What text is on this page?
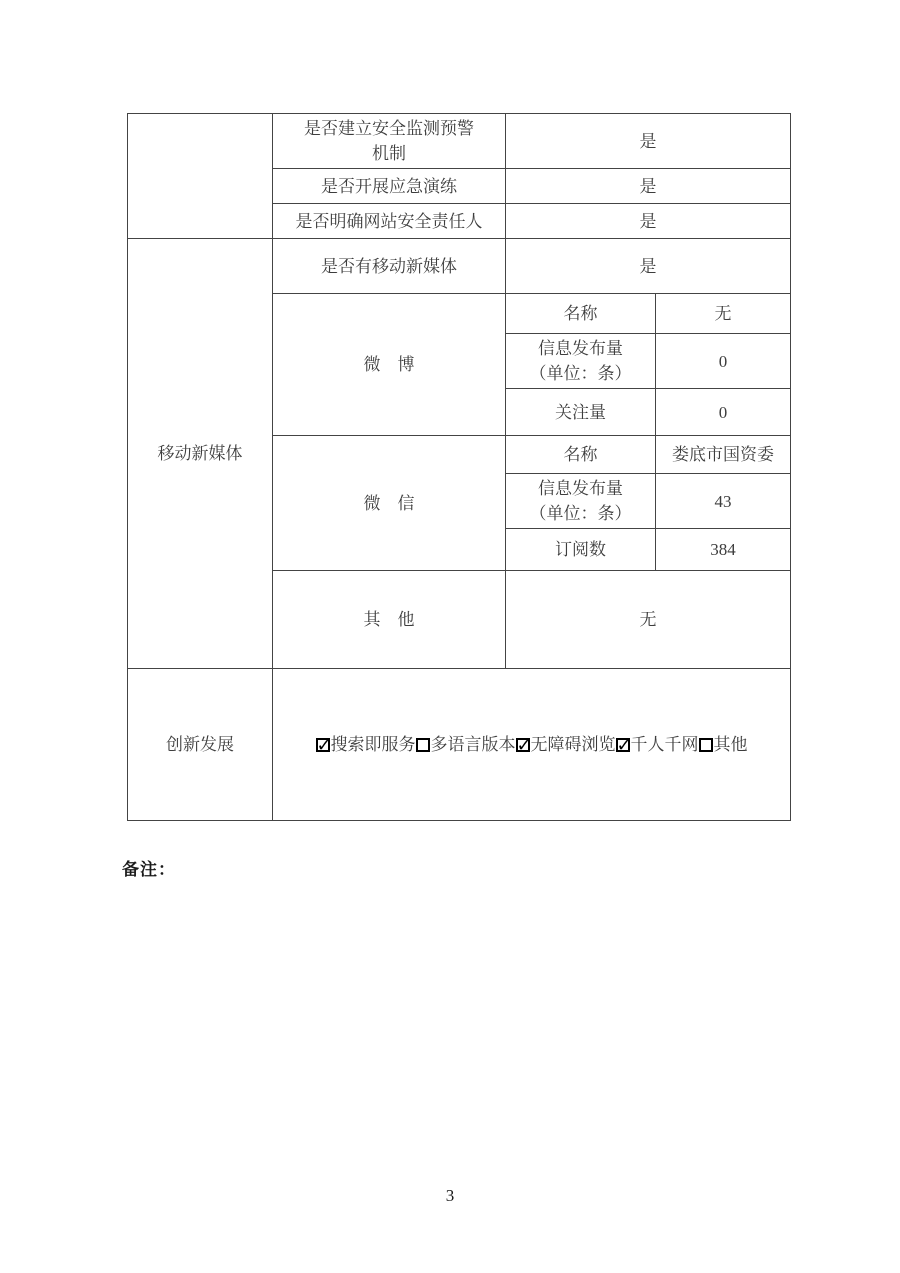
	是否建立安全监测预警
机制	是	
	是否开展应急演练	是	
	是否明确网站安全责任人	是	
移动新媒体	是否有移动新媒体	是	
	微　博	名称	无

		信息发布量
（单位：条）	0
		关注量	0
	微　信	名称	娄底市国资委

		信息发布量
（单位：条）	43
		订阅数	384
	其　他	无	
创新发展	
✓搜索即服务 多语言版本 ✓ 无障碍浏览 ✓ 千人千网 其他
备注：
3
